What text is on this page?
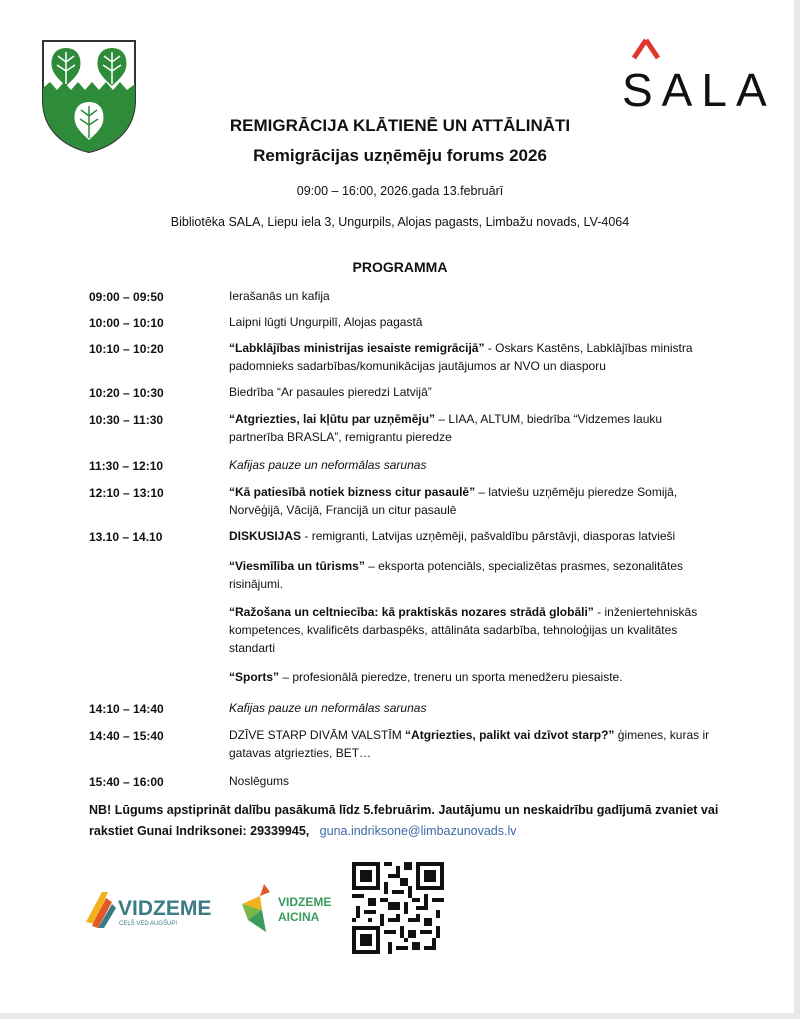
SALA
REMIGRĀCIJA KLĀTIENĒ UN ATTĀLINĀTI
Remigrācijas uzņēmēju forums 2026
09:00 – 16:00, 2026.gada 13.februārī
Bibliotēka SALA, Liepu iela 3, Ungurpils, Alojas pagasts, Limbažu novads, LV-4064
PROGRAMMA
09:00 – 09:50	Ierašanās un kafija
10:00 – 10:10	Laipni lūgti Ungurpilī, Alojas pagastā
10:10 – 10:20	“Labklājības ministrijas iesaiste remigrācijā” - Oskars Kastēns, Labklājības ministra padomnieks sadarbības/komunikācijas jautājumos ar NVO un diasporu
10:20 – 10:30	Biedrība “Ar pasaules pieredzi Latvijā”
10:30 – 11:30	“Atgriezties, lai kļūtu par uzņēmēju” – LIAA, ALTUM, biedrība “Vidzemes lauku partnerība BRASLA”, remigrantu pieredze
11:30 – 12:10	Kafijas pauze un neformālas sarunas
12:10 – 13:10	“Kā patiesībā notiek bizness citur pasaulē” – latviešu uzņēmēju pieredze Somijā, Norvēģijā, Vācijā, Francijā un citur pasaulē
13.10 – 14.10	DISKUSIJAS - remigranti, Latvijas uzņēmēji, pašvaldību pārstāvji, diasporas latvieši
“Viesmīlība un tūrisms” – eksporta potenciāls, specializētas prasmes, sezonalitātes risinājumi.
“Ražošana un celtniecība: kā praktiskās nozares strādā globāli” - inženiertehniskās kompetences, kvalificēts darbaspēks, attālināta sadarbība, tehnoloģijas un kvalitātes standarti
“Sports” – profesionālā pieredze, treneru un sporta menedžeru piesaiste.
14:10 – 14:40	Kafijas pauze un neformālas sarunas
14:40 – 15:40	DZĪVE STARP DIVĀM VALSTĪM “Atgriezties, palikt vai dzīvot starp?” ģimenes, kuras ir gatavas atgriezties, BET…
15:40 – 16:00	Noslēgums
NB! Lūgums apstiprināt dalību pasākumā līdz 5.februārim. Jautājumu un neskaidrību gadījumā zvaniet vai rakstiet Gunai Indriksonei: 29339945, guna.indriksone@limbazunovads.lv
VIDZEME
CEĻŠ VED AUGŠUP!
VIDZEME
AICINA
